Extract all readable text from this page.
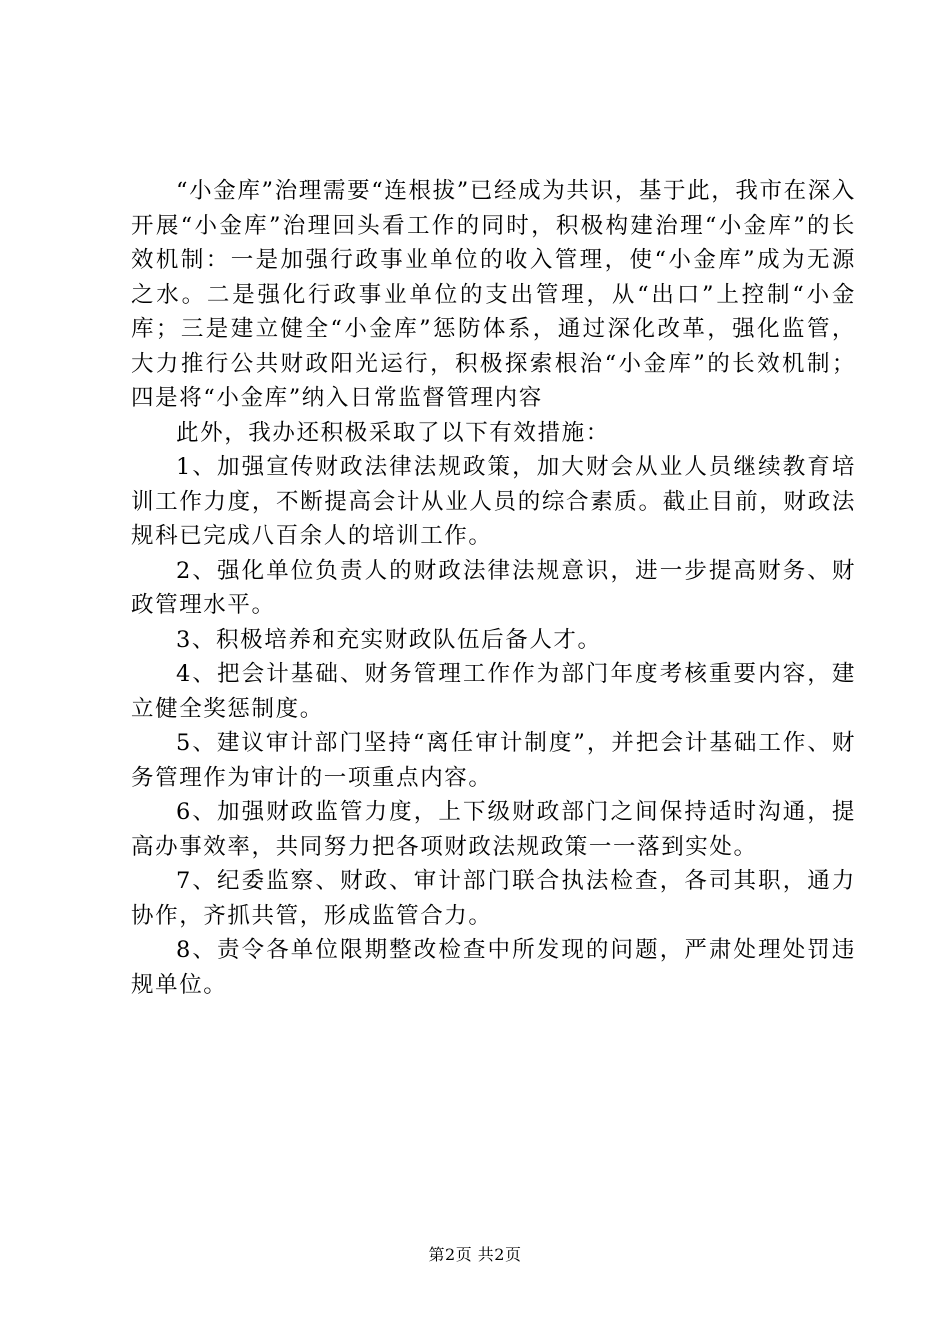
“小金库”治理需要“连根拔”已经成为共识，基于此，我市在深入开展“小金库”治理回头看工作的同时，积极构建治理“小金库”的长效机制：一是加强行政事业单位的收入管理，使“小金库”成为无源之水。二是强化行政事业单位的支出管理，从“出口”上控制“小金库；三是建立健全“小金库”惩防体系，通过深化改革，强化监管，大力推行公共财政阳光运行，积极探索根治“小金库”的长效机制；四是将“小金库”纳入日常监督管理内容

此外，我办还积极采取了以下有效措施：

1、加强宣传财政法律法规政策，加大财会从业人员继续教育培训工作力度，不断提高会计从业人员的综合素质。截止目前，财政法规科已完成八百余人的培训工作。

2、强化单位负责人的财政法律法规意识，进一步提高财务、财政管理水平。

3、积极培养和充实财政队伍后备人才。

4、把会计基础、财务管理工作作为部门年度考核重要内容，建立健全奖惩制度。

5、建议审计部门坚持“离任审计制度”，并把会计基础工作、财务管理作为审计的一项重点内容。

6、加强财政监管力度，上下级财政部门之间保持适时沟通，提高办事效率，共同努力把各项财政法规政策一一落到实处。

7、纪委监察、财政、审计部门联合执法检查，各司其职，通力协作，齐抓共管，形成监管合力。

8、责令各单位限期整改检查中所发现的问题，严肃处理处罚违规单位。

第2页 共2页
